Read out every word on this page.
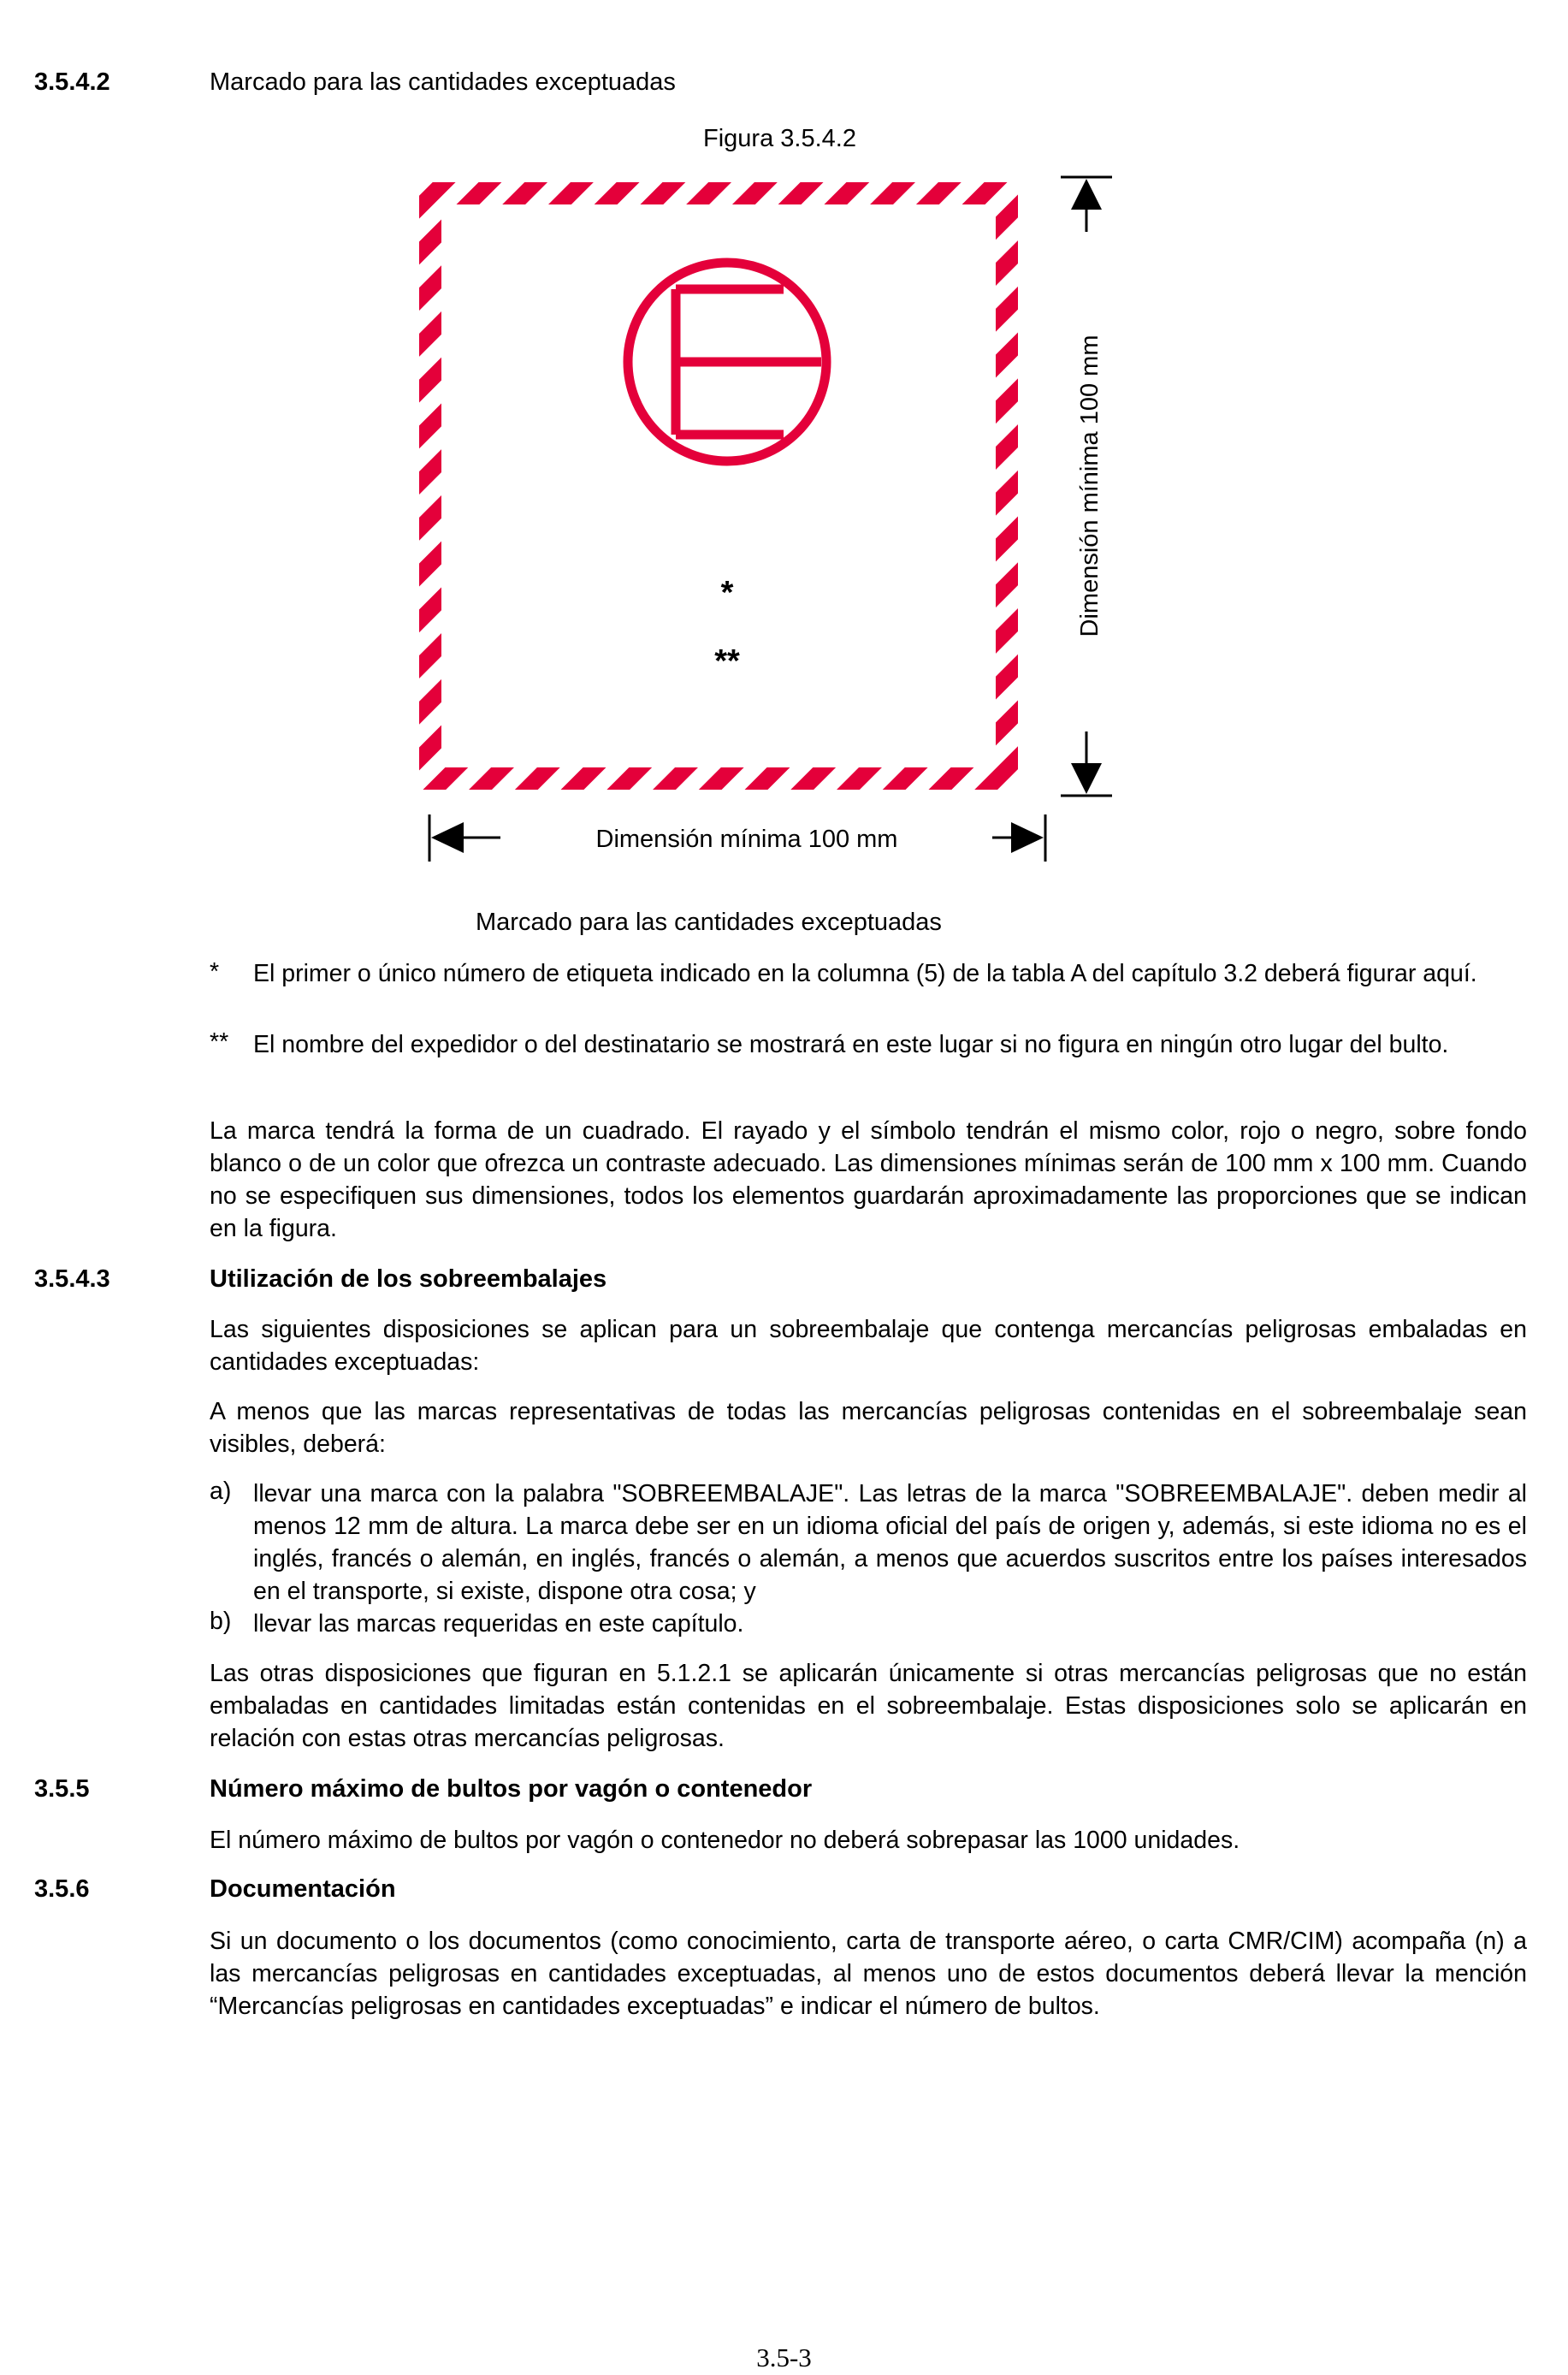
3.5.4.2	Marcado para las cantidades exceptuadas
Figura 3.5.4.2
*
**
Dimensión mínima 100 mm
Dimensión mínima 100 mm
Marcado para las cantidades exceptuadas
* El primer o único número de etiqueta indicado en la columna (5) de la tabla A del capítulo 3.2 deberá figurar aquí.
** El nombre del expedidor o del destinatario se mostrará en este lugar si no figura en ningún otro lugar del bulto.
La marca tendrá la forma de un cuadrado. El rayado y el símbolo tendrán el mismo color, rojo o negro, sobre fondo blanco o de un color que ofrezca un contraste adecuado. Las dimensiones mínimas serán de 100 mm x 100 mm. Cuando no se especifiquen sus dimensiones, todos los elementos guardarán aproximadamente las proporciones que se indican en la figura.
3.5.4.3	Utilización de los sobreembalajes
Las siguientes disposiciones se aplican para un sobreembalaje que contenga mercancías peligrosas embaladas en cantidades exceptuadas:
A menos que las marcas representativas de todas las mercancías peligrosas contenidas en el sobreembalaje sean visibles, deberá:
a) llevar una marca con la palabra "SOBREEMBALAJE". Las letras de la marca "SOBREEMBALAJE". deben medir al menos 12 mm de altura. La marca debe ser en un idioma oficial del país de origen y, además, si este idioma no es el inglés, francés o alemán, en inglés, francés o alemán, a menos que acuerdos suscritos entre los países interesados en el transporte, si existe, dispone otra cosa; y
b) llevar las marcas requeridas en este capítulo.
Las otras disposiciones que figuran en 5.1.2.1 se aplicarán únicamente si otras mercancías peligrosas que no están embaladas en cantidades limitadas están contenidas en el sobreembalaje. Estas disposiciones solo se aplicarán en relación con estas otras mercancías peligrosas.
3.5.5	Número máximo de bultos por vagón o contenedor
El número máximo de bultos por vagón o contenedor no deberá sobrepasar las 1000 unidades.
3.5.6	Documentación
Si un documento o los documentos (como conocimiento, carta de transporte aéreo, o carta CMR/CIM) acompaña (n) a las mercancías peligrosas en cantidades exceptuadas, al menos uno de estos documentos deberá llevar la mención “Mercancías peligrosas en cantidades exceptuadas” e indicar el número de bultos.
3.5-3
